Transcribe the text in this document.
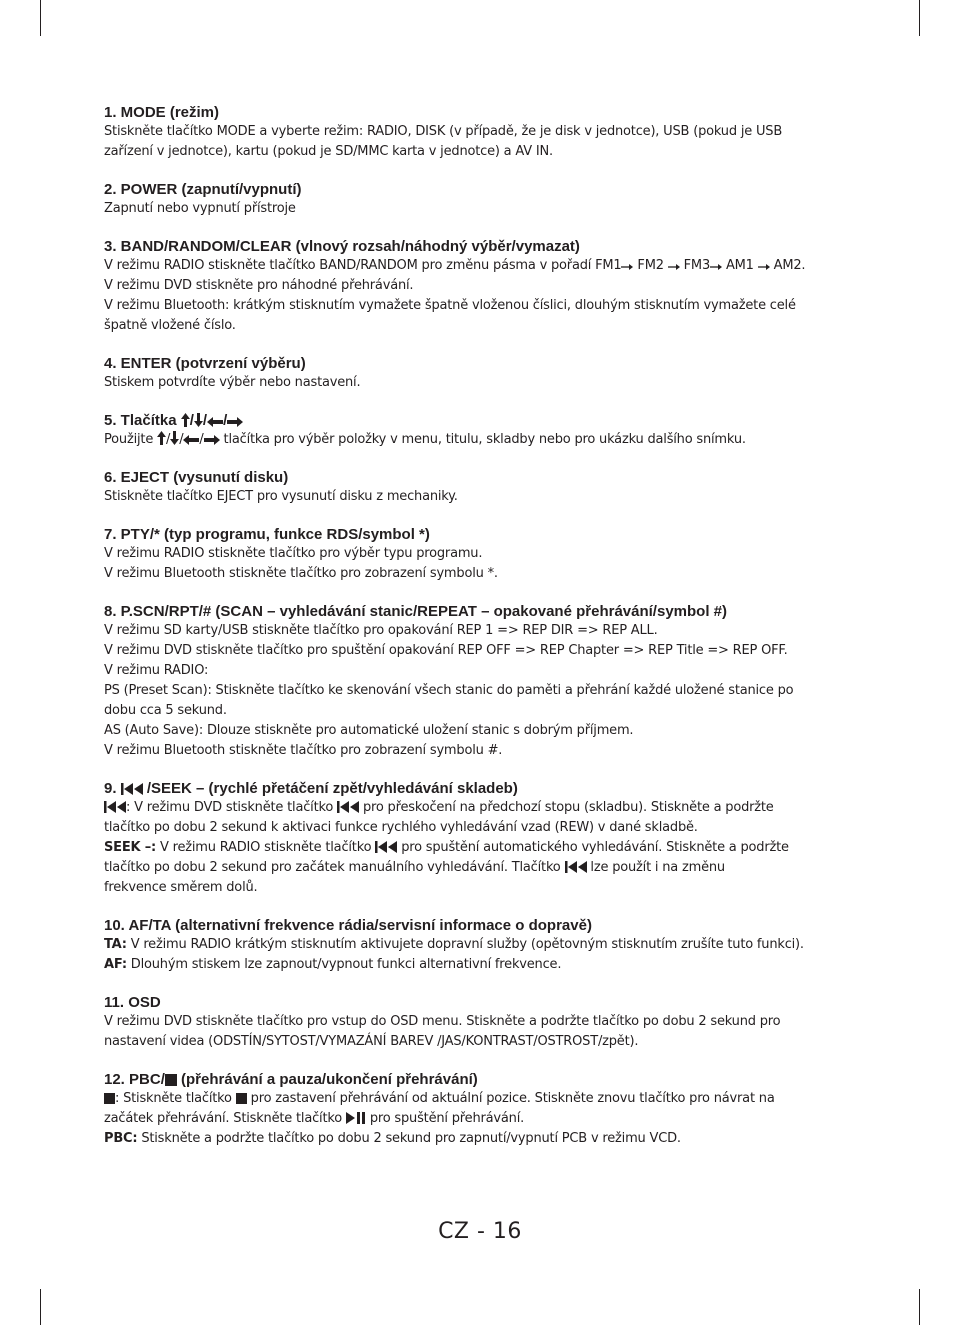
1. MODE (režim)

Stiskněte tlačítko MODE a vyberte režim: RADIO, DISK (v případě, že je disk v jednotce), USB (pokud je USB

zařízení v jednotce), kartu (pokud je SD/MMC karta v jednotce) a AV IN.

2. POWER (zapnutí/vypnutí)

Zapnutí nebo vypnutí přístroje

3. BAND/RANDOM/CLEAR (vlnový rozsah/náhodný výběr/vymazat)

V režimu RADIO stiskněte tlačítko BAND/RANDOM pro změnu pásma v pořadí FM1
FM2
FM3
AM1
AM2.

V režimu DVD stiskněte pro náhodné přehrávání.

V režimu Bluetooth: krátkým stisknutím vymažete špatně vloženou číslici, dlouhým stisknutím vymažete celé

špatně vložené číslo.

4. ENTER (potvrzení výběru)

Stiskem potvrdíte výběr nebo nastavení.

5. Tlačítka
/ / /

Použijte
/ / /
tlačítka pro výběr položky v menu, titulu, skladby nebo pro ukázku dalšího snímku.

6. EJECT (vysunutí disku)

Stiskněte tlačítko EJECT pro vysunutí disku z mechaniky.

7. PTY/* (typ programu, funkce RDS/symbol *)

V režimu RADIO stiskněte tlačítko pro výběr typu programu.

V režimu Bluetooth stiskněte tlačítko pro zobrazení symbolu *.

8. P.SCN/RPT/# (SCAN – vyhledávání stanic/REPEAT – opakované přehrávání/symbol #)

V režimu SD karty/USB stiskněte tlačítko pro opakování REP 1 => REP DIR => REP ALL.

V režimu DVD stiskněte tlačítko pro spuštění opakování REP OFF => REP Chapter => REP Title => REP OFF.

V režimu RADIO:

PS (Preset Scan): Stiskněte tlačítko ke skenování všech stanic do paměti a přehrání každé uložené stanice po

dobu cca 5 sekund.

AS (Auto Save): Dlouze stiskněte pro automatické uložení stanic s dobrým příjmem.

V režimu Bluetooth stiskněte tlačítko pro zobrazení symbolu #.

9.
/SEEK – (rychlé přetáčení zpět/vyhledávání skladeb)

: V režimu DVD stiskněte tlačítko
pro přeskočení na předchozí stopu (skladbu). Stiskněte a podržte

tlačítko po dobu 2 sekund k aktivaci funkce rychlého vyhledávání vzad (REW) v dané skladbě.

SEEK –: V režimu RADIO stiskněte tlačítko
pro spuštění automatického vyhledávání. Stiskněte a podržte

tlačítko po dobu 2 sekund pro začátek manuálního vyhledávání. Tlačítko
lze použít i na změnu

frekvence směrem dolů.

10. AF/TA (alternativní frekvence rádia/servisní informace o dopravě)

TA: V režimu RADIO krátkým stisknutím aktivujete dopravní služby (opětovným stisknutím zrušíte tuto funkci).

AF: Dlouhým stiskem lze zapnout/vypnout funkci alternativní frekvence.

11. OSD

V režimu DVD stiskněte tlačítko pro vstup do OSD menu. Stiskněte a podržte tlačítko po dobu 2 sekund pro

nastavení videa (ODSTÍN/SYTOST/VYMAZÁNÍ BAREV /JAS/KONTRAST/OSTROST/zpět).

12. PBC/
(přehrávání a pauza/ukončení přehrávání)

: Stiskněte tlačítko
pro zastavení přehrávání od aktuální pozice. Stiskněte znovu tlačítko pro návrat na

začátek přehrávání. Stiskněte tlačítko
pro spuštění přehrávání.

PBC: Stiskněte a podržte tlačítko po dobu 2 sekund pro zapnutí/vypnutí PCB v režimu VCD.

CZ - 16
